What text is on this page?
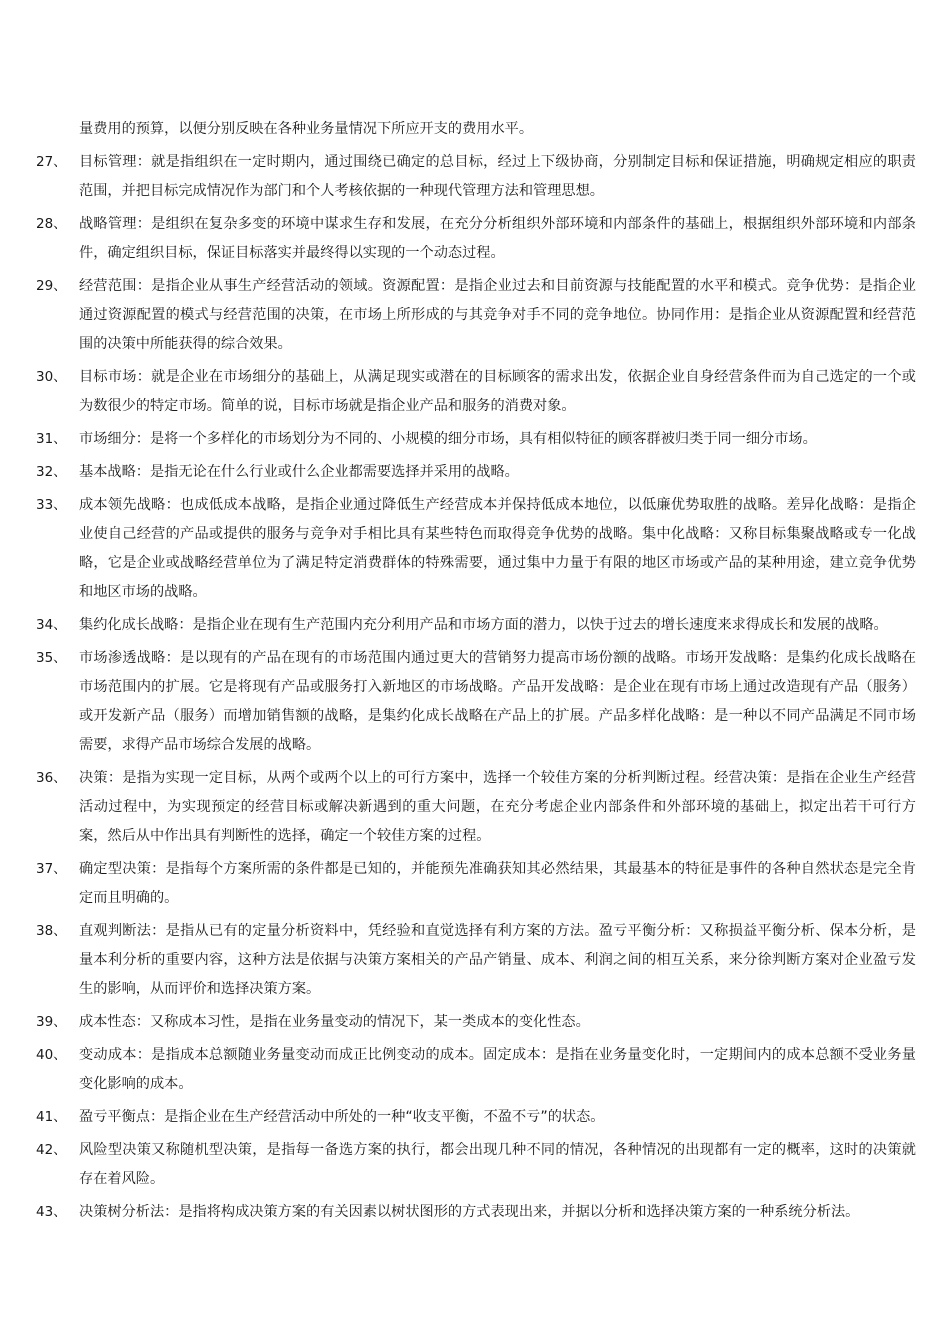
量费用的预算，以便分别反映在各种业务量情况下所应开支的费用水平。

27、 目标管理：就是指组织在一定时期内，通过围绕已确定的总目标，经过上下级协商，分别制定目标和保证措施，明确规定相应的职责范围，并把目标完成情况作为部门和个人考核依据的一种现代管理方法和管理思想。
28、 战略管理：是组织在复杂多变的环境中谋求生存和发展，在充分分析组织外部环境和内部条件的基础上，根据组织外部环境和内部条件，确定组织目标，保证目标落实并最终得以实现的一个动态过程。
29、 经营范围：是指企业从事生产经营活动的领域。资源配置：是指企业过去和目前资源与技能配置的水平和模式。竞争优势：是指企业通过资源配置的模式与经营范围的决策，在市场上所形成的与其竞争对手不同的竞争地位。协同作用：是指企业从资源配置和经营范围的决策中所能获得的综合效果。
30、 目标市场：就是企业在市场细分的基础上，从满足现实或潜在的目标顾客的需求出发，依据企业自身经营条件而为自己选定的一个或为数很少的特定市场。简单的说，目标市场就是指企业产品和服务的消费对象。
31、 市场细分：是将一个多样化的市场划分为不同的、小规模的细分市场，具有相似特征的顾客群被归类于同一细分市场。
32、 基本战略：是指无论在什么行业或什么企业都需要选择并采用的战略。
33、 成本领先战略：也成低成本战略，是指企业通过降低生产经营成本并保持低成本地位，以低廉优势取胜的战略。差异化战略：是指企业使自己经营的产品或提供的服务与竞争对手相比具有某些特色而取得竞争优势的战略。集中化战略：又称目标集聚战略或专一化战略，它是企业或战略经营单位为了满足特定消费群体的特殊需要，通过集中力量于有限的地区市场或产品的某种用途，建立竞争优势和地区市场的战略。
34、 集约化成长战略：是指企业在现有生产范围内充分利用产品和市场方面的潜力，以快于过去的增长速度来求得成长和发展的战略。
35、 市场渗透战略：是以现有的产品在现有的市场范围内通过更大的营销努力提高市场份额的战略。市场开发战略：是集约化成长战略在市场范围内的扩展。它是将现有产品或服务打入新地区的市场战略。产品开发战略：是企业在现有市场上通过改造现有产品（服务）或开发新产品（服务）而增加销售额的战略，是集约化成长战略在产品上的扩展。产品多样化战略：是一种以不同产品满足不同市场需要，求得产品市场综合发展的战略。
36、 决策：是指为实现一定目标，从两个或两个以上的可行方案中，选择一个较佳方案的分析判断过程。经营决策：是指在企业生产经营活动过程中，为实现预定的经营目标或解决新遇到的重大问题，在充分考虑企业内部条件和外部环境的基础上，拟定出若干可行方案，然后从中作出具有判断性的选择，确定一个较佳方案的过程。
37、 确定型决策：是指每个方案所需的条件都是已知的，并能预先准确获知其必然结果，其最基本的特征是事件的各种自然状态是完全肯定而且明确的。
38、 直观判断法：是指从已有的定量分析资料中，凭经验和直觉选择有利方案的方法。盈亏平衡分析：又称损益平衡分析、保本分析，是量本利分析的重要内容，这种方法是依据与决策方案相关的产品产销量、成本、利润之间的相互关系，来分徐判断方案对企业盈亏发生的影响，从而评价和选择决策方案。
39、 成本性态：又称成本习性，是指在业务量变动的情况下，某一类成本的变化性态。
40、 变动成本：是指成本总额随业务量变动而成正比例变动的成本。固定成本：是指在业务量变化时，一定期间内的成本总额不受业务量变化影响的成本。
41、 盈亏平衡点：是指企业在生产经营活动中所处的一种“收支平衡，不盈不亏”的状态。
42、 风险型决策又称随机型决策，是指每一备选方案的执行，都会出现几种不同的情况，各种情况的出现都有一定的概率，这时的决策就存在着风险。
43、 决策树分析法：是指将构成决策方案的有关因素以树状图形的方式表现出来，并据以分析和选择决策方案的一种系统分析法。
